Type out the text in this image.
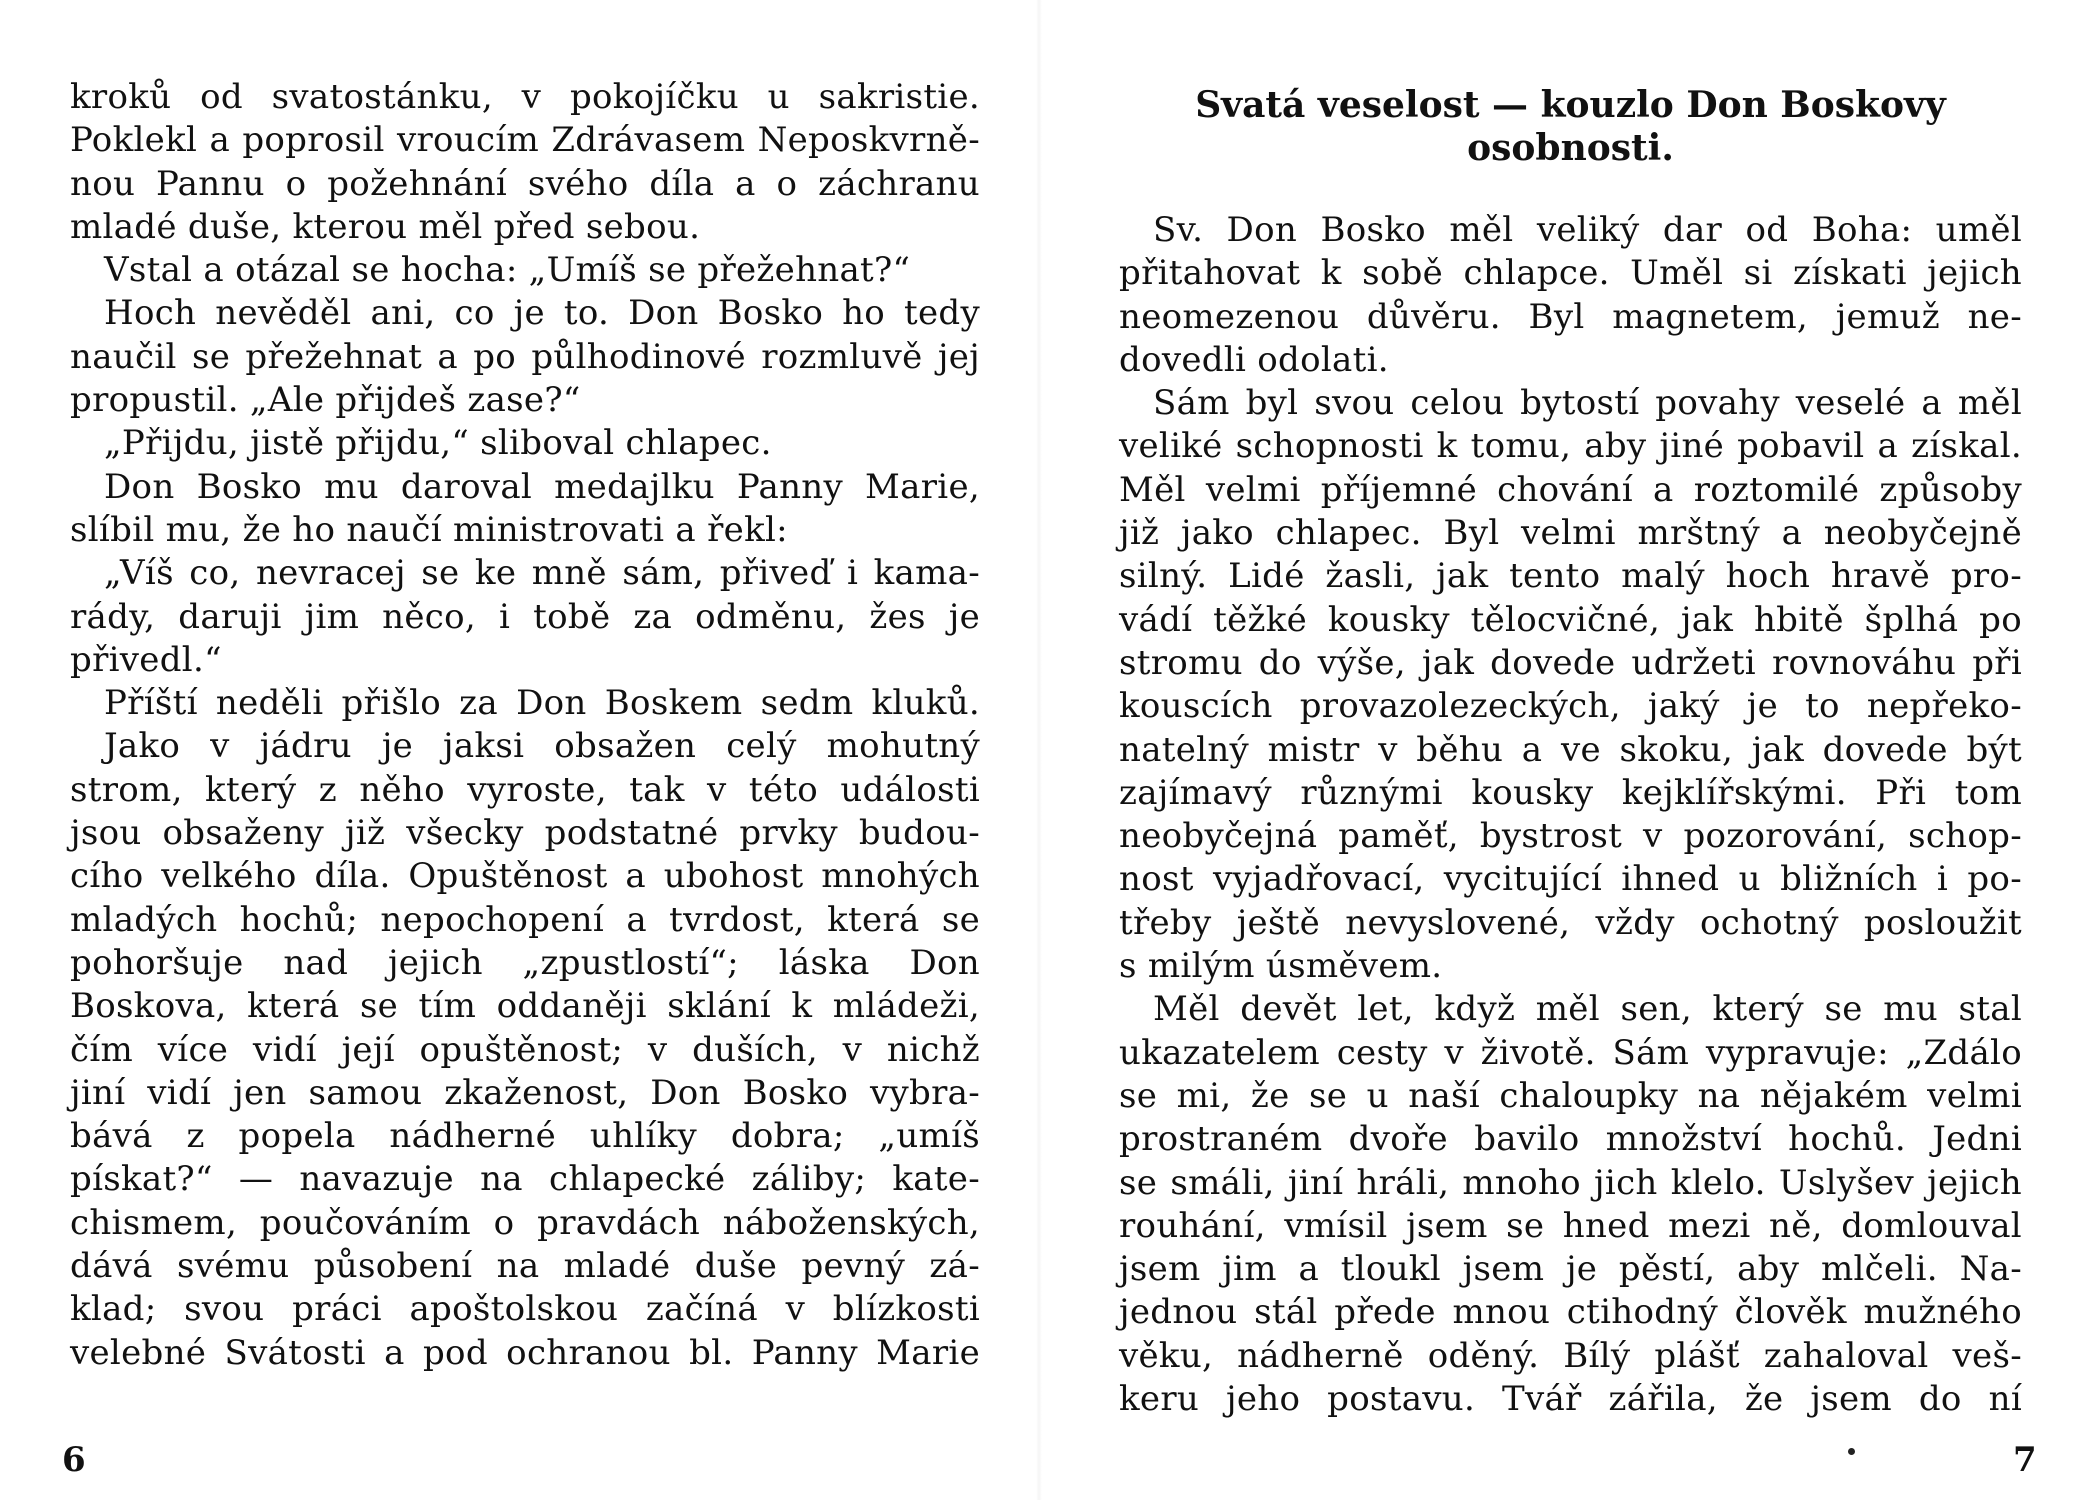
kroků od svatostánku, v pokojíčku u sakristie.
Poklekl a poprosil vroucím Zdrávasem Neposkvrně-
nou Pannu o požehnání svého díla a o záchranu
mladé duše, kterou měl před sebou.
Vstal a otázal se hocha: „Umíš se přežehnat?“
Hoch nevěděl ani, co je to. Don Bosko ho tedy
naučil se přežehnat a po půlhodinové rozmluvě jej
propustil. „Ale přijdeš zase?“
„Přijdu, jistě přijdu,“ sliboval chlapec.
Don Bosko mu daroval medajlku Panny Marie,
slíbil mu, že ho naučí ministrovati a řekl:
„Víš co, nevracej se ke mně sám, přiveď i kama-
rády, daruji jim něco, i tobě za odměnu, žes je
přivedl.“
Příští neděli přišlo za Don Boskem sedm kluků.
Jako v jádru je jaksi obsažen celý mohutný
strom, který z něho vyroste, tak v této události
jsou obsaženy již všecky podstatné prvky budou-
cího velkého díla. Opuštěnost a ubohost mnohých
mladých hochů; nepochopení a tvrdost, která se
pohoršuje nad jejich „zpustlostí“; láska Don
Boskova, která se tím oddaněji sklání k mládeži,
čím více vidí její opuštěnost; v duších, v nichž
jiní vidí jen samou zkaženost, Don Bosko vybra-
bává z popela nádherné uhlíky dobra; „umíš
pískat?“ — navazuje na chlapecké záliby; kate-
chismem, poučováním o pravdách náboženských,
dává svému působení na mladé duše pevný zá-
klad; svou práci apoštolskou začíná v blízkosti
velebné Svátosti a pod ochranou bl. Panny Marie
6
Svatá veselost — kouzlo Don Boskovy
osobnosti.
Sv. Don Bosko měl veliký dar od Boha: uměl
přitahovat k sobě chlapce. Uměl si získati jejich
neomezenou důvěru. Byl magnetem, jemuž ne-
dovedli odolati.
Sám byl svou celou bytostí povahy veselé a měl
veliké schopnosti k tomu, aby jiné pobavil a získal.
Měl velmi příjemné chování a roztomilé způsoby
již jako chlapec. Byl velmi mrštný a neobyčejně
silný. Lidé žasli, jak tento malý hoch hravě pro-
vádí těžké kousky tělocvičné, jak hbitě šplhá po
stromu do výše, jak dovede udržeti rovnováhu při
kouscích provazolezeckých, jaký je to nepřeko-
natelný mistr v běhu a ve skoku, jak dovede být
zajímavý různými kousky kejklířskými. Při tom
neobyčejná paměť, bystrost v pozorování, schop-
nost vyjadřovací, vycitující ihned u bližních i po-
třeby ještě nevyslovené, vždy ochotný posloužit
s milým úsměvem.
Měl devět let, když měl sen, který se mu stal
ukazatelem cesty v životě. Sám vypravuje: „Zdálo
se mi, že se u naší chaloupky na nějakém velmi
prostraném dvoře bavilo množství hochů. Jedni
se smáli, jiní hráli, mnoho jich klelo. Uslyšev jejich
rouhání, vmísil jsem se hned mezi ně, domlouval
jsem jim a tloukl jsem je pěstí, aby mlčeli. Na-
jednou stál přede mnou ctihodný člověk mužného
věku, nádherně oděný. Bílý plášť zahaloval veš-
keru jeho postavu. Tvář zářila, že jsem do ní
7
